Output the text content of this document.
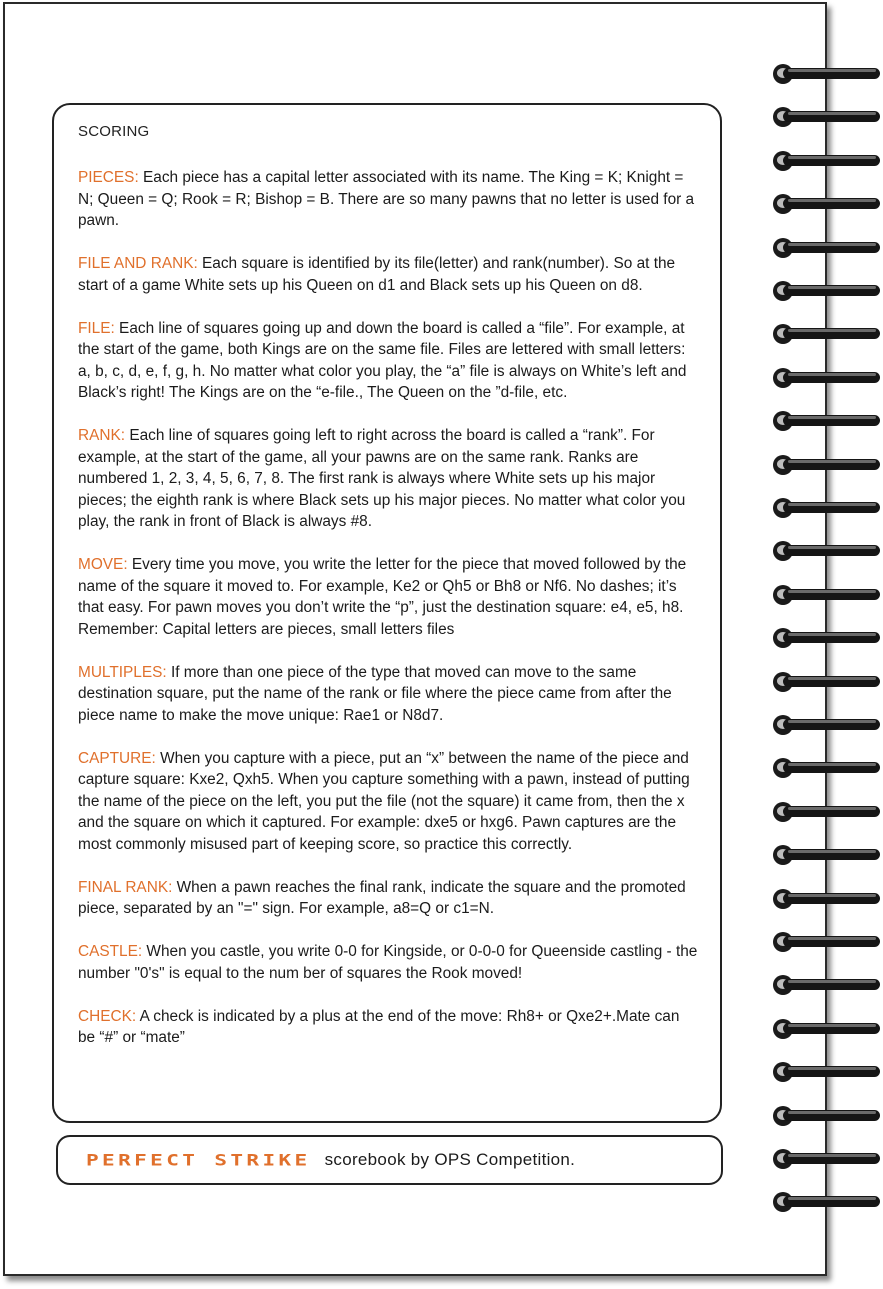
SCORING

PIECES: Each piece has a capital letter associated with its name. The King = K; Knight = N; Queen = Q; Rook = R; Bishop = B. There are so many pawns that no letter is used for a pawn.

FILE AND RANK: Each square is identified by its file(letter) and rank(number). So at the start of a game White sets up his Queen on d1 and Black sets up his Queen on d8.

FILE: Each line of squares going up and down the board is called a “file”. For example, at the start of the game, both Kings are on the same file. Files are lettered with small letters: a, b, c, d, e, f, g, h. No matter what color you play, the “a” file is always on White’s left and Black’s right! The Kings are on the “e-file., The Queen on the ”d-file, etc.

RANK: Each line of squares going left to right across the board is called a “rank”. For example, at the start of the game, all your pawns are on the same rank. Ranks are numbered 1, 2, 3, 4, 5, 6, 7, 8. The first rank is always where White sets up his major pieces; the eighth rank is where Black sets up his major pieces. No matter what color you play, the rank in front of Black is always #8.

MOVE: Every time you move, you write the letter for the piece that moved followed by the name of the square it moved to. For example, Ke2 or Qh5 or Bh8 or Nf6. No dashes; it’s that easy. For pawn moves you don’t write the “p”, just the destination square: e4, e5, h8. Remember: Capital letters are pieces, small letters files

MULTIPLES: If more than one piece of the type that moved can move to the same destination square, put the name of the rank or file where the piece came from after the piece name to make the move unique: Rae1 or N8d7.

CAPTURE: When you capture with a piece, put an “x” between the name of the piece and capture square: Kxe2, Qxh5. When you capture something with a pawn, instead of putting the name of the piece on the left, you put the file (not the square) it came from, then the x and the square on which it captured. For example: dxe5 or hxg6. Pawn captures are the most commonly misused part of keeping score, so practice this correctly.

FINAL RANK: When a pawn reaches the final rank, indicate the square and the promoted piece, separated by an "=" sign. For example, a8=Q or c1=N.

CASTLE: When you castle, you write 0-0 for Kingside, or 0-0-0 for Queenside castling - the number "0's" is equal to the num ber of squares the Rook moved!

CHECK: A check is indicated by a plus at the end of the move: Rh8+ or Qxe2+.Mate can be “#” or “mate”

PERFECT STRIKE scorebook by OPS Competition.
